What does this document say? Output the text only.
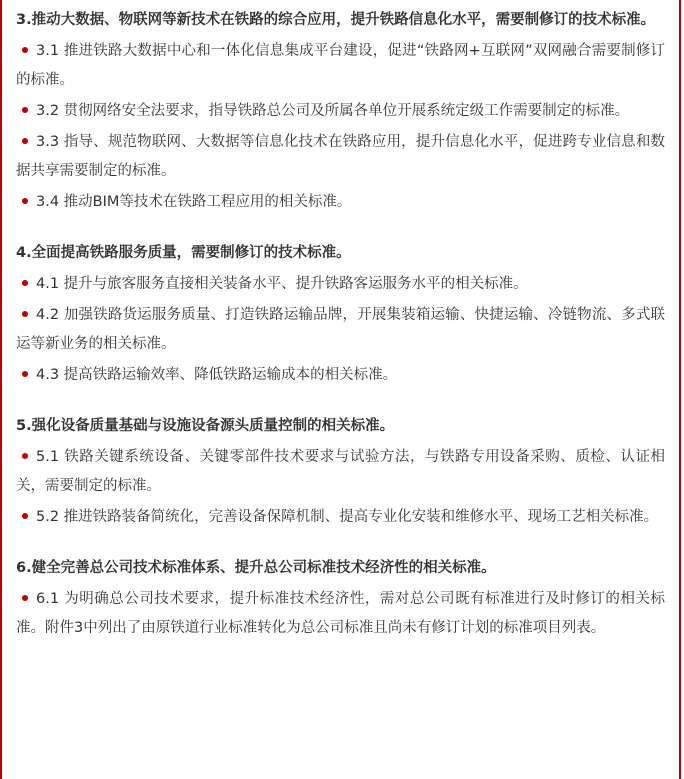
3.推动大数据、物联网等新技术在铁路的综合应用，提升铁路信息化水平，需要制修订的技术标准。

3.1 推进铁路大数据中心和一体化信息集成平台建设，促进“铁路网+互联网”双网融合需要制修订的标准。

3.2 贯彻网络安全法要求，指导铁路总公司及所属各单位开展系统定级工作需要制定的标准。

3.3 指导、规范物联网、大数据等信息化技术在铁路应用，提升信息化水平，促进跨专业信息和数据共享需要制定的标准。

3.4 推动BIM等技术在铁路工程应用的相关标准。

4.全面提高铁路服务质量，需要制修订的技术标准。

4.1 提升与旅客服务直接相关装备水平、提升铁路客运服务水平的相关标准。

4.2 加强铁路货运服务质量、打造铁路运输品牌，开展集装箱运输、快捷运输、冷链物流、多式联运等新业务的相关标准。

4.3 提高铁路运输效率、降低铁路运输成本的相关标准。

5.强化设备质量基础与设施设备源头质量控制的相关标准。

5.1 铁路关键系统设备、关键零部件技术要求与试验方法，与铁路专用设备采购、质检、认证相关，需要制定的标准。

5.2 推进铁路装备简统化，完善设备保障机制、提高专业化安装和维修水平、现场工艺相关标准。

6.健全完善总公司技术标准体系、提升总公司标准技术经济性的相关标准。

6.1 为明确总公司技术要求，提升标准技术经济性，需对总公司既有标准进行及时修订的相关标准。附件3中列出了由原铁道行业标准转化为总公司标准且尚未有修订计划的标准项目列表。
